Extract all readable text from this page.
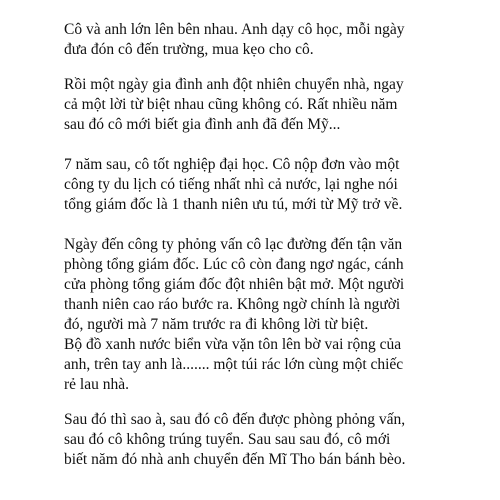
Cô và anh lớn lên bên nhau. Anh dạy cô học, mỗi ngày
đưa đón cô đến trường, mua kẹo cho cô.

Rồi một ngày gia đình anh đột nhiên chuyển nhà, ngay
cả một lời từ biệt nhau cũng không có. Rất nhiều năm
sau đó cô mới biết gia đình anh đã đến Mỹ...

7 năm sau, cô tốt nghiệp đại học. Cô nộp đơn vào một
công ty du lịch có tiếng nhất nhì cả nước, lại nghe nói
tổng giám đốc là 1 thanh niên ưu tú, mới từ Mỹ trở về.

Ngày đến công ty phỏng vấn cô lạc đường đến tận văn
phòng tổng giám đốc. Lúc cô còn đang ngơ ngác, cánh
cửa phòng tổng giám đốc đột nhiên bật mở. Một người
thanh niên cao ráo bước ra. Không ngờ chính là người
đó, người mà 7 năm trước ra đi không lời từ biệt.

Bộ đồ xanh nước biển vừa vặn tôn lên bờ vai rộng của
anh, trên tay anh là....... một túi rác lớn cùng một chiếc
rẻ lau nhà.

Sau đó thì sao à, sau đó cô đến được phòng phỏng vấn,
sau đó cô không trúng tuyển. Sau sau sau đó, cô mới
biết năm đó nhà anh chuyển đến Mĩ Tho bán bánh bèo.
